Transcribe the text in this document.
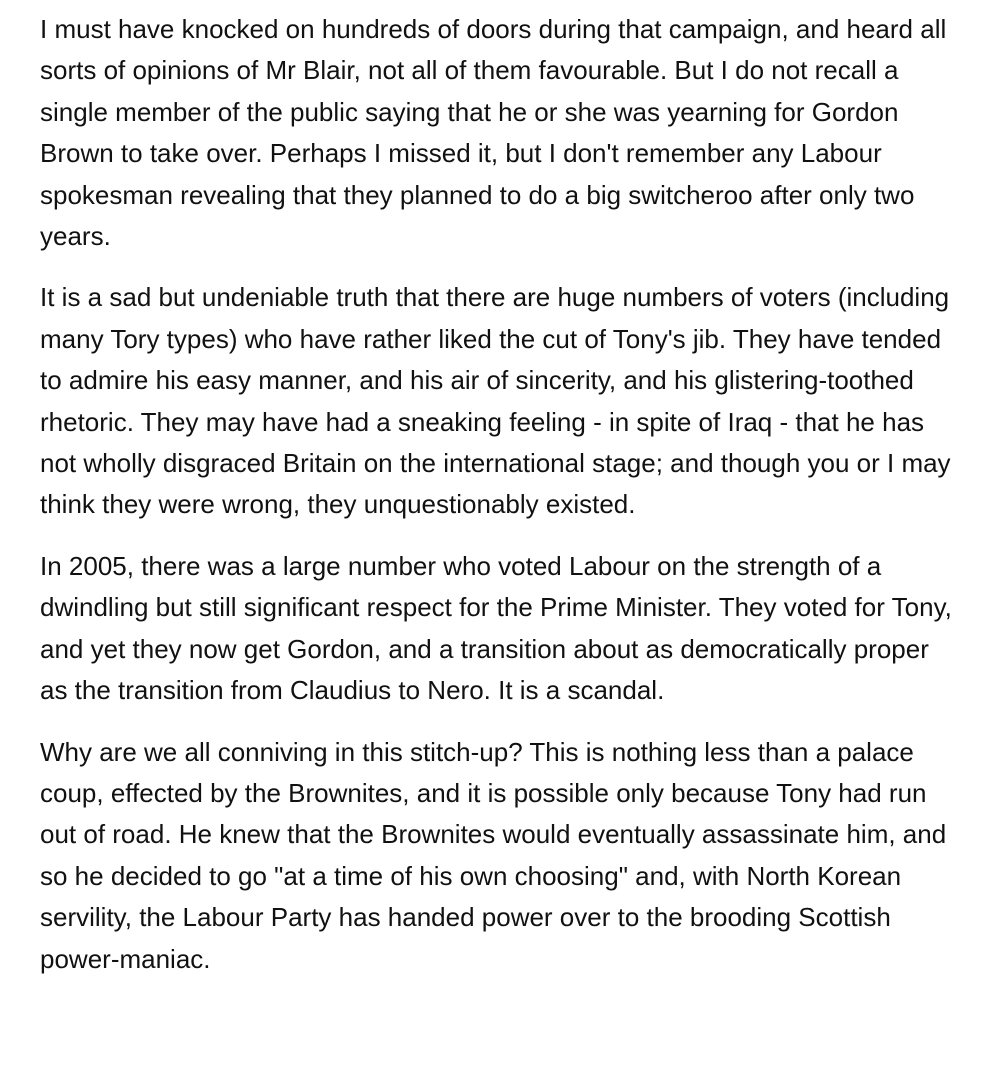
I must have knocked on hundreds of doors during that campaign, and heard all sorts of opinions of Mr Blair, not all of them favourable. But I do not recall a single member of the public saying that he or she was yearning for Gordon Brown to take over. Perhaps I missed it, but I don't remember any Labour spokesman revealing that they planned to do a big switcheroo after only two years.

It is a sad but undeniable truth that there are huge numbers of voters (including many Tory types) who have rather liked the cut of Tony's jib. They have tended to admire his easy manner, and his air of sincerity, and his glistering-toothed rhetoric. They may have had a sneaking feeling - in spite of Iraq - that he has not wholly disgraced Britain on the international stage; and though you or I may think they were wrong, they unquestionably existed.

In 2005, there was a large number who voted Labour on the strength of a dwindling but still significant respect for the Prime Minister. They voted for Tony, and yet they now get Gordon, and a transition about as democratically proper as the transition from Claudius to Nero. It is a scandal.

Why are we all conniving in this stitch-up? This is nothing less than a palace coup, effected by the Brownites, and it is possible only because Tony had run out of road. He knew that the Brownites would eventually assassinate him, and so he decided to go "at a time of his own choosing" and, with North Korean servility, the Labour Party has handed power over to the brooding Scottish power-maniac.
